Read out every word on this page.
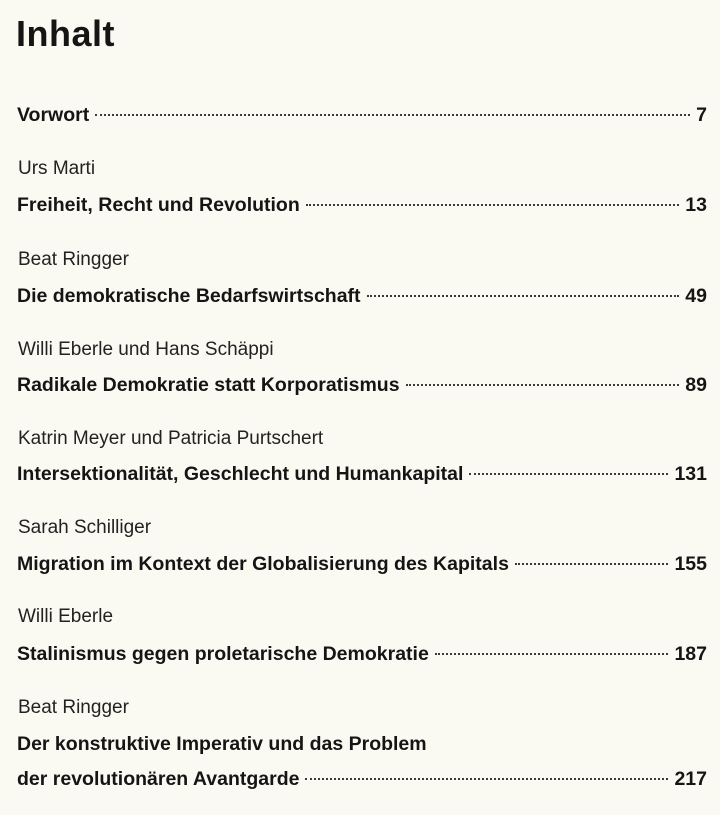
Inhalt
Vorwort	7
Urs Marti
Freiheit, Recht und Revolution	13
Beat Ringger
Die demokratische Bedarfswirtschaft	49
Willi Eberle und Hans Schäppi
Radikale Demokratie statt Korporatismus	89
Katrin Meyer und Patricia Purtschert
Intersektionalität, Geschlecht und Humankapital	131
Sarah Schilliger
Migration im Kontext der Globalisierung des Kapitals	155
Willi Eberle
Stalinismus gegen proletarische Demokratie	187
Beat Ringger
Der konstruktive Imperativ und das Problem
der revolutionären Avantgarde	217
